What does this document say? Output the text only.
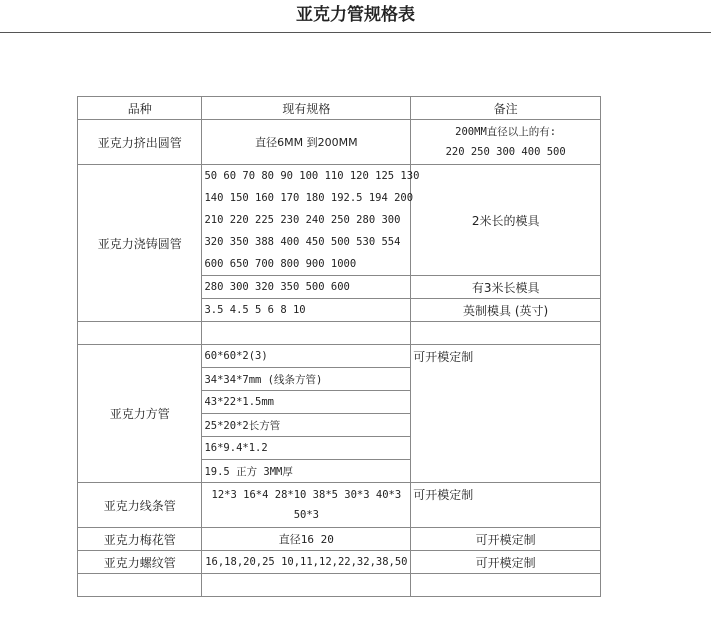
亚克力管规格表
品种	现有规格	备注
亚克力挤出圆管	直径6MM 到200MM	200MM直径以上的有:
220 250 300 400 500

亚克力浇铸圆管	50 60 70 80 90 100 110 120 125 130
140 150 160 170 180 192.5 194 200
210 220 225 230 240 250 280 300
320 350 388 400 450 500 530 554
600 650 700 800 900 1000	2米长的模具
	280 300 320 350 500 600	有3米长模具
	3.5 4.5 5 6 8 10	英制模具 (英寸)

亚克力方管	60*60*2(3)	可开模定制
	34*34*7mm (线条方管)	
	43*22*1.5mm	
	25*20*2长方管	
	16*9.4*1.2	
	19.5 正方 3MM厚	
亚克力线条管	12*3 16*4 28*10 38*5 30*3 40*3
50*3	可开模定制
亚克力梅花管	直径16 20	可开模定制
亚克力螺纹管	16,18,20,25 10,11,12,22,32,38,50	可开模定制
